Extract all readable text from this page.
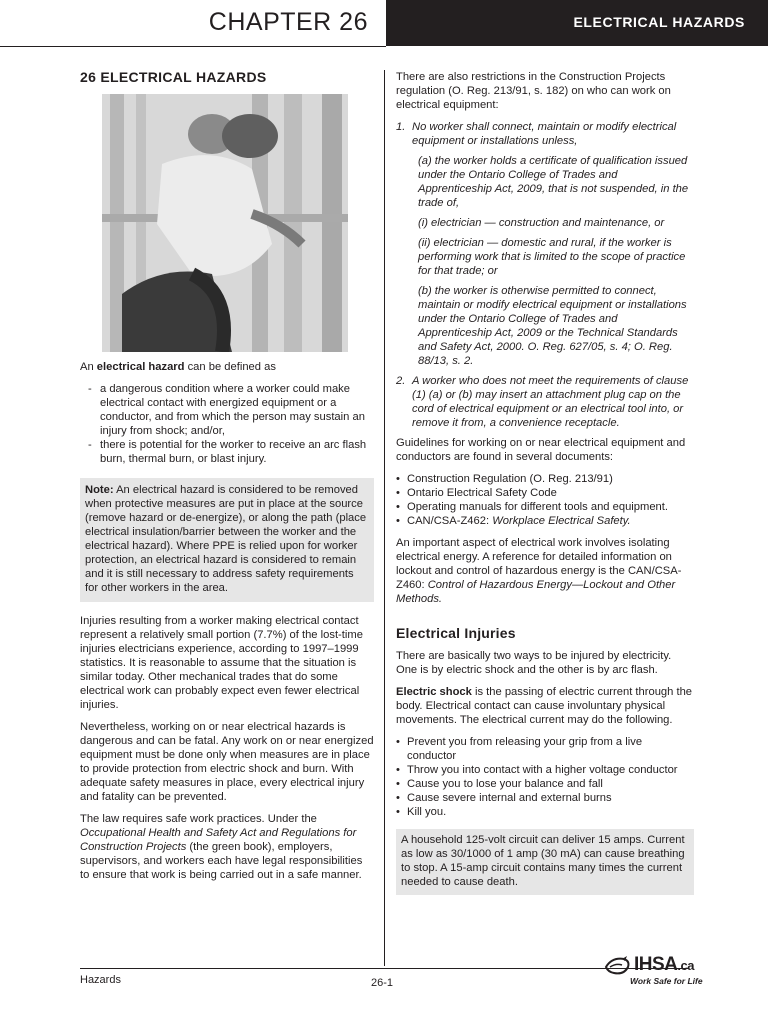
CHAPTER 26	ELECTRICAL HAZARDS
26 ELECTRICAL HAZARDS

An electrical hazard can be defined as

- a dangerous condition where a worker could make electrical contact with energized equipment or a conductor, and from which the person may sustain an injury from shock; and/or,
- there is potential for the worker to receive an arc flash burn, thermal burn, or blast injury.

Note: An electrical hazard is considered to be removed when protective measures are put in place at the source (remove hazard or de-energize), or along the path (place electrical insulation/barrier between the worker and the electrical hazard). Where PPE is relied upon for worker protection, an electrical hazard is considered to remain and it is still necessary to address safety requirements for other workers in the area.

Injuries resulting from a worker making electrical contact represent a relatively small portion (7.7%) of the lost-time injuries electricians experience, according to 1997–1999 statistics. It is reasonable to assume that the situation is similar today. Other mechanical trades that do some electrical work can probably expect even fewer electrical injuries.

Nevertheless, working on or near electrical hazards is dangerous and can be fatal. Any work on or near energized equipment must be done only when measures are in place to provide protection from electric shock and burn. With adequate safety measures in place, every electrical injury and fatality can be prevented.

The law requires safe work practices. Under the Occupational Health and Safety Act and Regulations for Construction Projects (the green book), employers, supervisors, and workers each have legal responsibilities to ensure that work is being carried out in a safe manner.

There are also restrictions in the Construction Projects regulation (O. Reg. 213/91, s. 182) on who can work on electrical equipment:

1. No worker shall connect, maintain or modify electrical equipment or installations unless,
(a) the worker holds a certificate of qualification issued under the Ontario College of Trades and Apprenticeship Act, 2009, that is not suspended, in the trade of,
(i) electrician — construction and maintenance, or
(ii) electrician — domestic and rural, if the worker is performing work that is limited to the scope of practice for that trade; or
(b) the worker is otherwise permitted to connect, maintain or modify electrical equipment or installations under the Ontario College of Trades and Apprenticeship Act, 2009 or the Technical Standards and Safety Act, 2000. O. Reg. 627/05, s. 4; O. Reg. 88/13, s. 2.
2. A worker who does not meet the requirements of clause (1) (a) or (b) may insert an attachment plug cap on the cord of electrical equipment or an electrical tool into, or remove it from, a convenience receptacle.

Guidelines for working on or near electrical equipment and conductors are found in several documents:

• Construction Regulation (O. Reg. 213/91)
• Ontario Electrical Safety Code
• Operating manuals for different tools and equipment.
• CAN/CSA-Z462: Workplace Electrical Safety.

An important aspect of electrical work involves isolating electrical energy. A reference for detailed information on lockout and control of hazardous energy is the CAN/CSA-Z460: Control of Hazardous Energy—Lockout and Other Methods.

Electrical Injuries

There are basically two ways to be injured by electricity. One is by electric shock and the other is by arc flash.

Electric shock is the passing of electric current through the body. Electrical contact can cause involuntary physical movements. The electrical current may do the following.

• Prevent you from releasing your grip from a live conductor
• Throw you into contact with a higher voltage conductor
• Cause you to lose your balance and fall
• Cause severe internal and external burns
• Kill you.

A household 125-volt circuit can deliver 15 amps. Current as low as 30/1000 of 1 amp (30 mA) can cause breathing to stop. A 15-amp circuit contains many times the current needed to cause death.

Hazards	26-1
IHSA.ca
Work Safe for Life
